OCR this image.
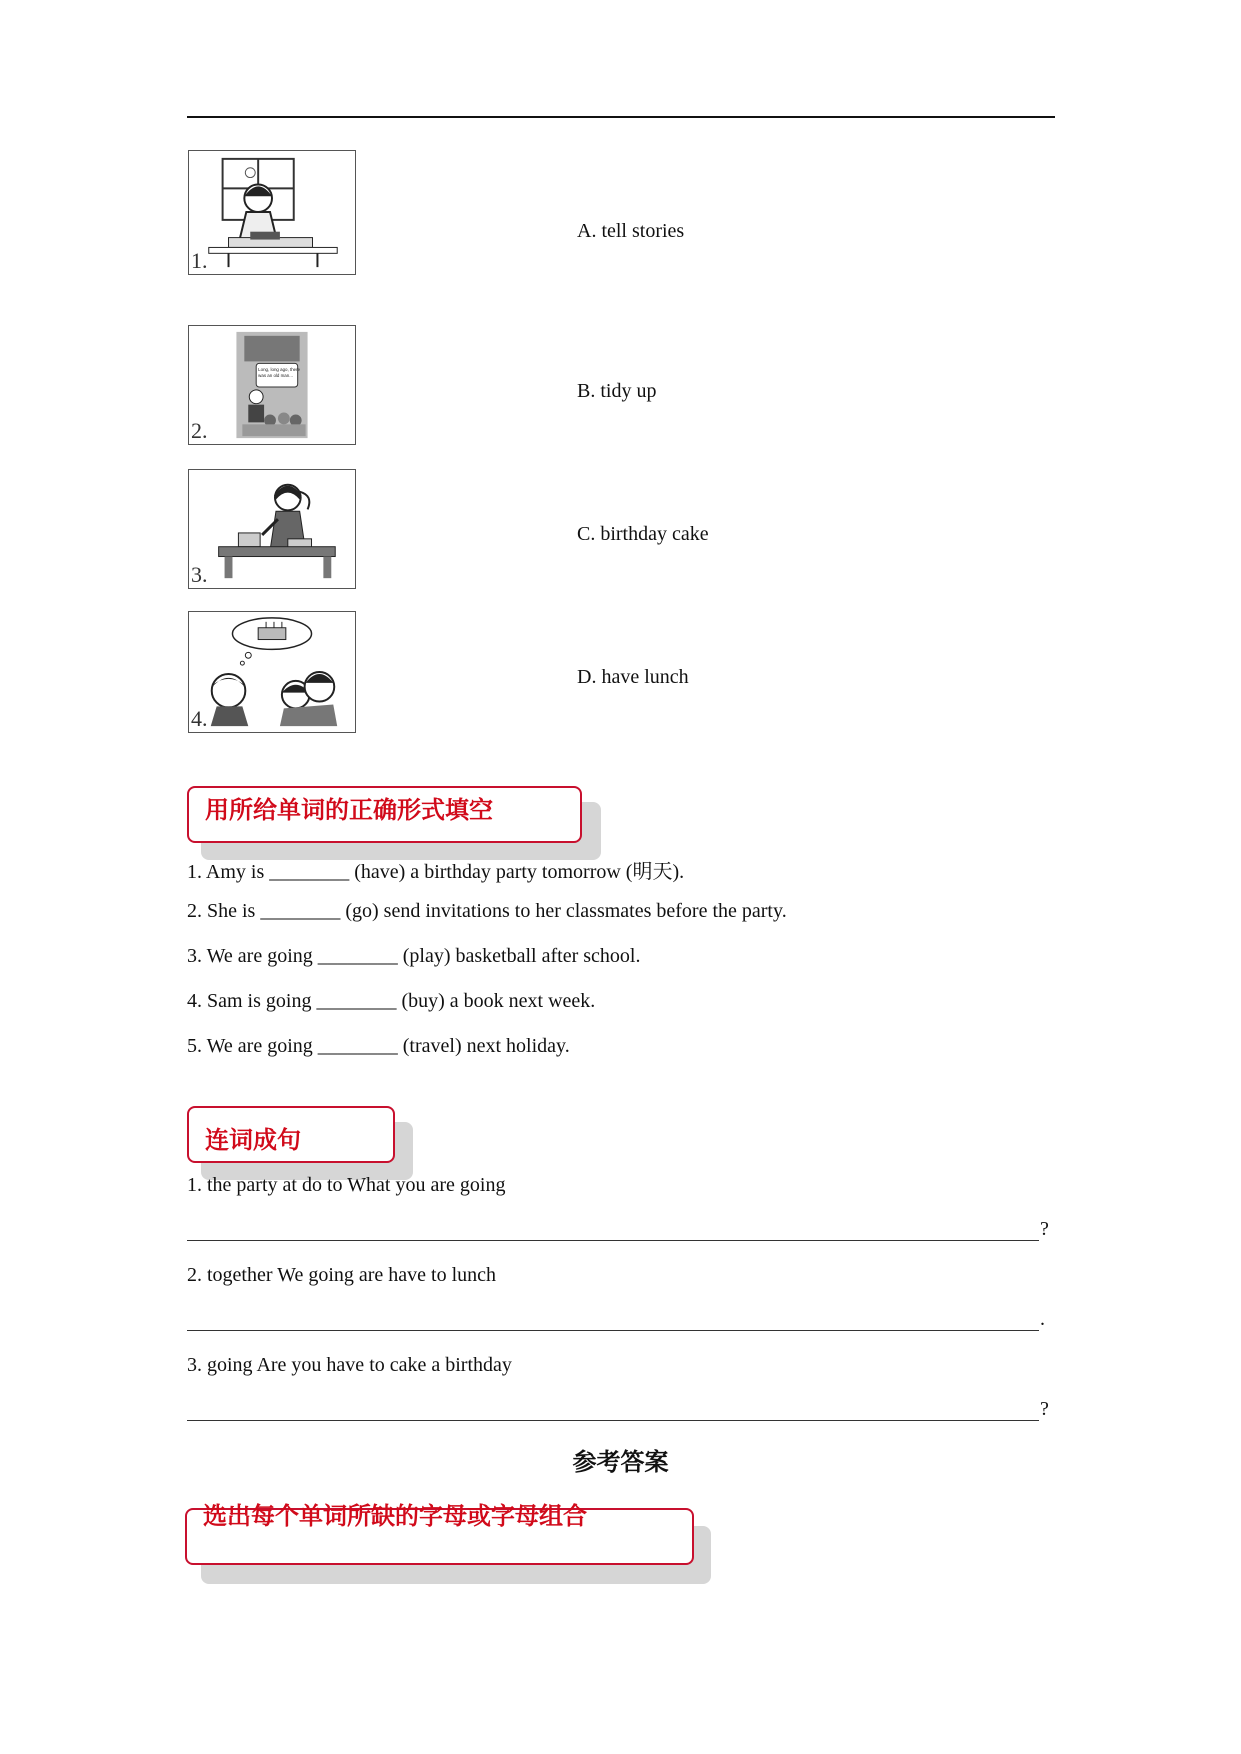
1.
Long, long ago, there
was an old man...
2.
3.
4.
A. tell stories
B. tidy up
C. birthday cake
D. have lunch
用所给单词的正确形式填空
1. Amy is ________ (have) a birthday party tomorrow (明天).
2. She is ________ (go) send invitations to her classmates before the party.
3. We are going ________ (play) basketball after school.
4. Sam is going ________ (buy) a book next week.
5. We are going ________ (travel) next holiday.
连词成句
1. the party at do to What you are going
?
2. together We going are have to lunch
.
3. going Are you have to cake a birthday
?
参考答案
选出每个单词所缺的字母或字母组合
